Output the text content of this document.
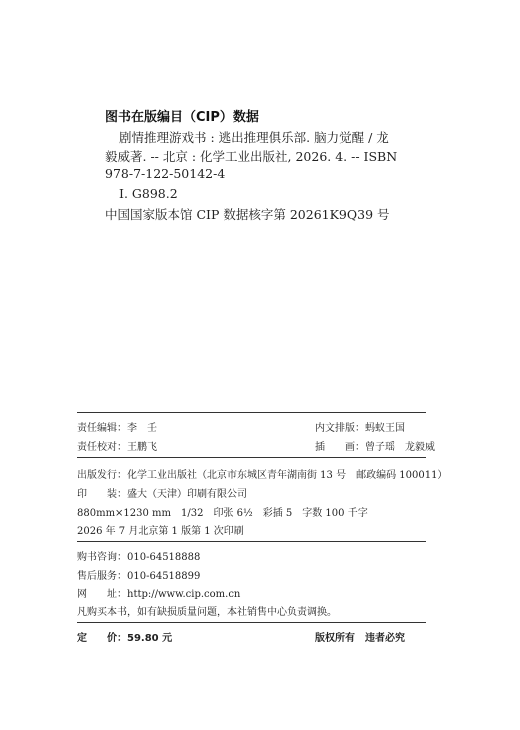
图书在版编目（CIP）数据
剧情推理游戏书 : 逃出推理俱乐部. 脑力觉醒 / 龙
毅威著. -- 北京 : 化学工业出版社, 2026. 4. -- ISBN
978-7-122-50142-4
Ⅰ. G898.2
中国国家版本馆 CIP 数据核字第 20261K9Q39 号
责任编辑：李　壬	内文排版：蚂蚁王国
责任校对：王鹏飞	插　　画：曾子瑶　龙毅威
出版发行：化学工业出版社（北京市东城区青年湖南街 13 号　邮政编码 100011）
印　　装：盛大（天津）印刷有限公司
880mm×1230 mm　1/32　印张 6½　彩插 5　字数 100 千字
2026 年 7 月北京第 1 版第 1 次印刷
购书咨询：010-64518888
售后服务：010-64518899
网　　址：http://www.cip.com.cn
凡购买本书，如有缺损质量问题，本社销售中心负责调换。
定　　价：59.80 元	版权所有　违者必究
